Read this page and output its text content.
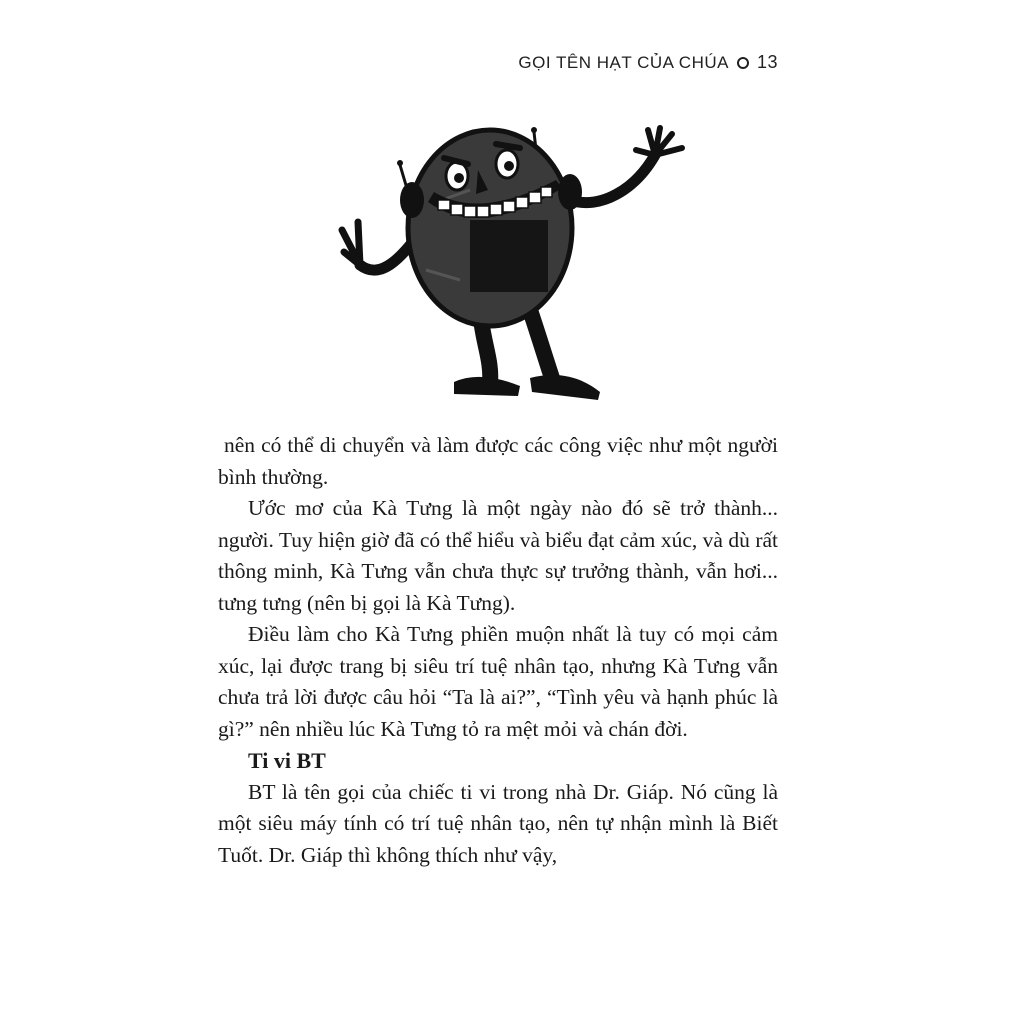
GỌI TÊN HẠT CỦA CHÚA 13

nên có thể di chuyển và làm được các công việc như một người bình thường.

Ước mơ của Kà Tưng là một ngày nào đó sẽ trở thành... người. Tuy hiện giờ đã có thể hiểu và biểu đạt cảm xúc, và dù rất thông minh, Kà Tưng vẫn chưa thực sự trưởng thành, vẫn hơi... tưng tưng (nên bị gọi là Kà Tưng).

Điều làm cho Kà Tưng phiền muộn nhất là tuy có mọi cảm xúc, lại được trang bị siêu trí tuệ nhân tạo, nhưng Kà Tưng vẫn chưa trả lời được câu hỏi “Ta là ai?”, “Tình yêu và hạnh phúc là gì?” nên nhiều lúc Kà Tưng tỏ ra mệt mỏi và chán đời.

Ti vi BT

BT là tên gọi của chiếc ti vi trong nhà Dr. Giáp. Nó cũng là một siêu máy tính có trí tuệ nhân tạo, nên tự nhận mình là Biết Tuốt. Dr. Giáp thì không thích như vậy,
